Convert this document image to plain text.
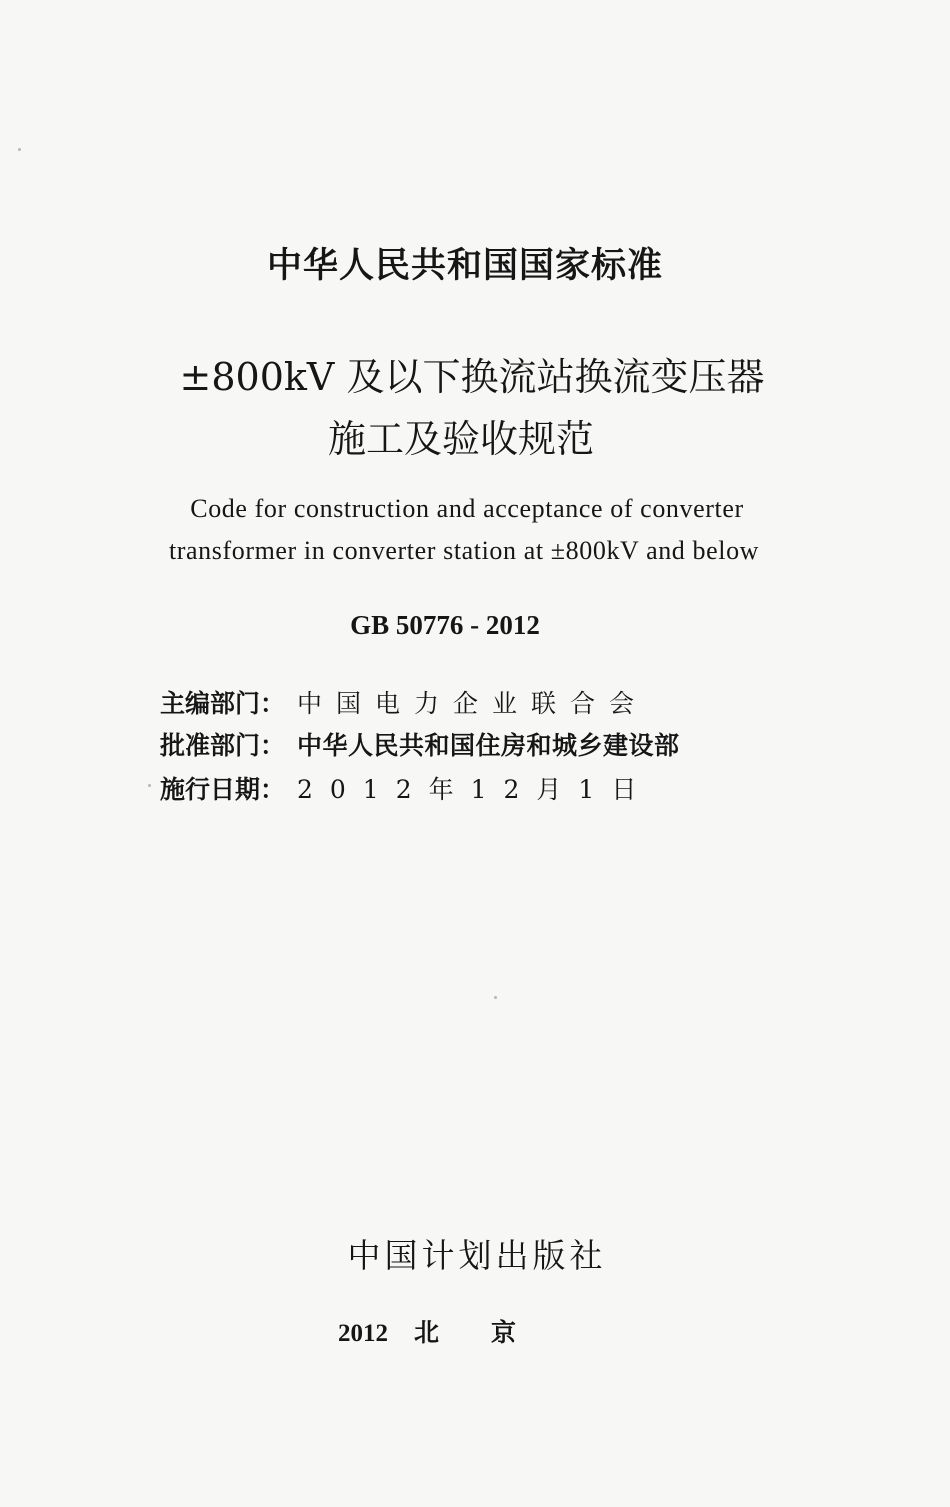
中华人民共和国国家标准
±800kV 及以下换流站换流变压器
施工及验收规范
Code for construction and acceptance of converter
transformer in converter station at ±800kV and below
GB 50776 - 2012
主编部门： 中国电力企业联合会
批准部门： 中华人民共和国住房和城乡建设部
施行日期： 2012年12月1日
中国计划出版社
2012 北京
